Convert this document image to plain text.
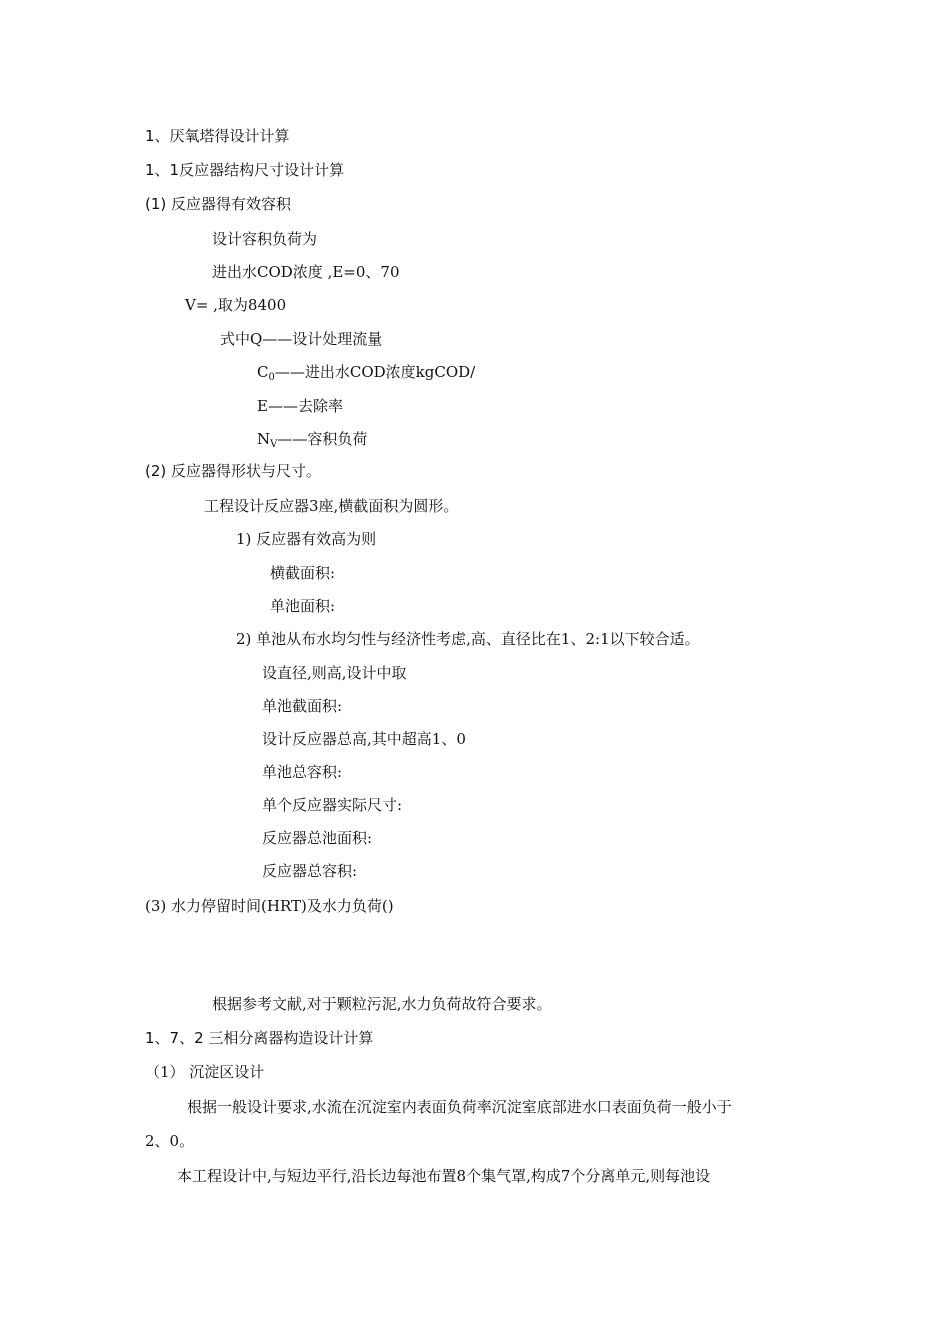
1、厌氧塔得设计计算
1、1反应器结构尺寸设计计算
(1) 反应器得有效容积
设计容积负荷为
进出水COD浓度 ,E=0、70
V= ,取为8400
式中Q——设计处理流量
$C_0——$进出水COD浓度kgCOD/
E——去除率
$N_V——$容积负荷
(2) 反应器得形状与尺寸。
工程设计反应器3座,横截面积为圆形。
1) 反应器有效高为则
横截面积:
单池面积:
2) 单池从布水均匀性与经济性考虑,高、直径比在1、2:1以下较合适。
设直径,则高,设计中取
单池截面积:
设计反应器总高,其中超高1、0
单池总容积:
单个反应器实际尺寸:
反应器总池面积:
反应器总容积:
(3) 水力停留时间(HRT)及水力负荷()
根据参考文献,对于颗粒污泥,水力负荷故符合要求。
1、7、2 三相分离器构造设计计算
（1） 沉淀区设计
根据一般设计要求,水流在沉淀室内表面负荷率沉淀室底部进水口表面负荷一般小于
2、0。
本工程设计中,与短边平行,沿长边每池布置8个集气罩,构成7个分离单元,则每池设
